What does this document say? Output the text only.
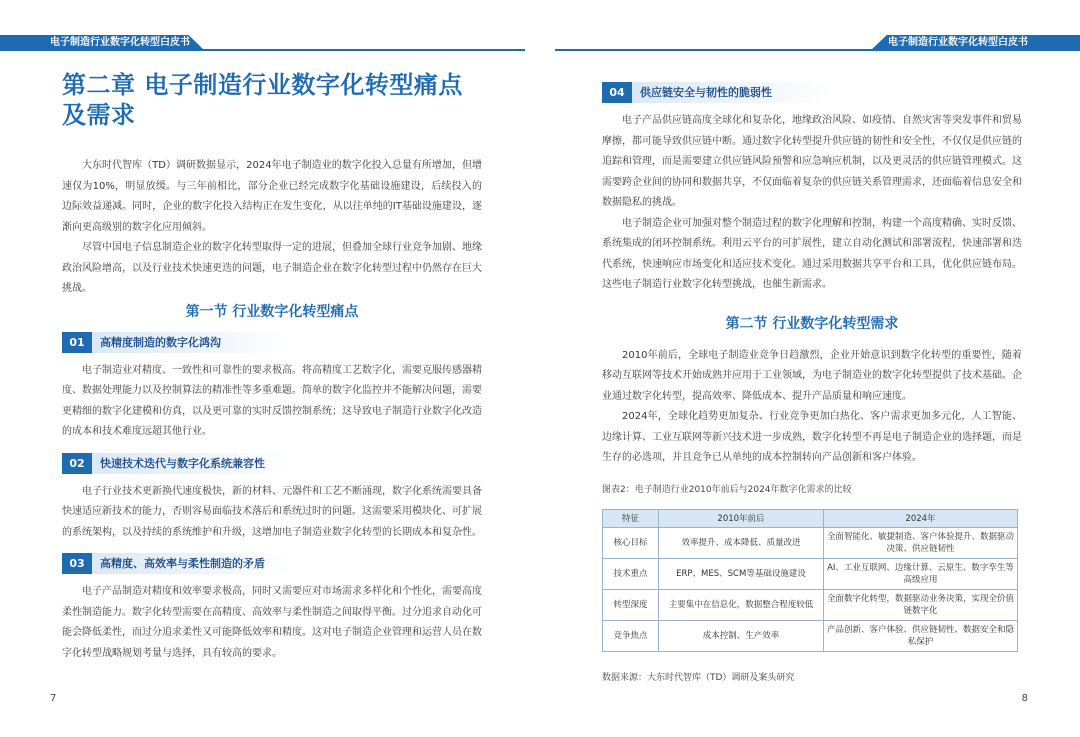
电子制造行业数字化转型白皮书	电子制造行业数字化转型白皮书
第二章 电子制造行业数字化转型痛点及需求

大东时代智库（TD）调研数据显示，2024年电子制造业的数字化投入总量有所增加，但增速仅为10%，明显放缓。与三年前相比，部分企业已经完成数字化基础设施建设，后续投入的边际效益递减。同时，企业的数字化投入结构正在发生变化，从以往单纯的IT基础设施建设，逐渐向更高级别的数字化应用倾斜。

尽管中国电子信息制造企业的数字化转型取得一定的进展，但叠加全球行业竞争加剧、地缘政治风险增高，以及行业技术快速更迭的问题，电子制造企业在数字化转型过程中仍然存在巨大挑战。

第一节 行业数字化转型痛点
01	高精度制造的数字化鸿沟

电子制造业对精度、一致性和可靠性的要求极高。将高精度工艺数字化，需要克服传感器精度、数据处理能力以及控制算法的精准性等多重难题。简单的数字化监控并不能解决问题，需要更精细的数字化建模和仿真，以及更可靠的实时反馈控制系统；这导致电子制造行业数字化改造的成本和技术难度远超其他行业。

02	快速技术迭代与数字化系统兼容性

电子行业技术更新换代速度极快，新的材料、元器件和工艺不断涌现，数字化系统需要具备快速适应新技术的能力，否则容易面临技术落后和系统过时的问题。这需要采用模块化、可扩展的系统架构，以及持续的系统维护和升级，这增加电子制造业数字化转型的长期成本和复杂性。

03	高精度、高效率与柔性制造的矛盾

电子产品制造对精度和效率要求极高，同时又需要应对市场需求多样化和个性化，需要高度柔性制造能力。数字化转型需要在高精度、高效率与柔性制造之间取得平衡。过分追求自动化可能会降低柔性，而过分追求柔性又可能降低效率和精度。这对电子制造企业管理和运营人员在数字化转型战略规划考量与选择，具有较高的要求。

04	供应链安全与韧性的脆弱性

电子产品供应链高度全球化和复杂化，地缘政治风险、如疫情、自然灾害等突发事件和贸易摩擦，都可能导致供应链中断。通过数字化转型提升供应链的韧性和安全性，不仅仅是供应链的追踪和管理，而是需要建立供应链风险预警和应急响应机制，以及更灵活的供应链管理模式。这需要跨企业间的协同和数据共享，不仅面临着复杂的供应链关系管理需求，还面临着信息安全和数据隐私的挑战。

电子制造企业可加强对整个制造过程的数字化理解和控制，构建一个高度精确、实时反馈、系统集成的闭环控制系统。利用云平台的可扩展性，建立自动化测试和部署流程，快速部署和迭代系统，快速响应市场变化和适应技术变化。通过采用数据共享平台和工具，优化供应链布局。这些电子制造行业数字化转型挑战，也催生新需求。

第二节 行业数字化转型需求

2010年前后，全球电子制造业竞争日趋激烈，企业开始意识到数字化转型的重要性，随着移动互联网等技术开始成熟并应用于工业领域，为电子制造业的数字化转型提供了技术基础。企业通过数字化转型，提高效率、降低成本、提升产品质量和响应速度。

2024年，全球化趋势更加复杂、行业竞争更加白热化、客户需求更加多元化，人工智能、边缘计算、工业互联网等新兴技术进一步成熟，数字化转型不再是电子制造企业的选择题，而是生存的必选项，并且竞争已从单纯的成本控制转向产品创新和客户体验。

图表2：电子制造行业2010年前后与2024年数字化需求的比较
特征	2010年前后	2024年
核心目标	效率提升、成本降低、质量改进	全面智能化、敏捷制造、客户体验提升、数据驱动决策、供应链韧性
技术重点	ERP、MES、SCM等基础设施建设	AI、工业互联网、边缘计算、云原生、数字孪生等高级应用
转型深度	主要集中在信息化，数据整合程度较低	全面数字化转型，数据驱动业务决策，实现全价值链数字化
竞争焦点	成本控制、生产效率	产品创新、客户体验、供应链韧性、数据安全和隐私保护
数据来源：大东时代智库（TD）调研及案头研究
7	8
